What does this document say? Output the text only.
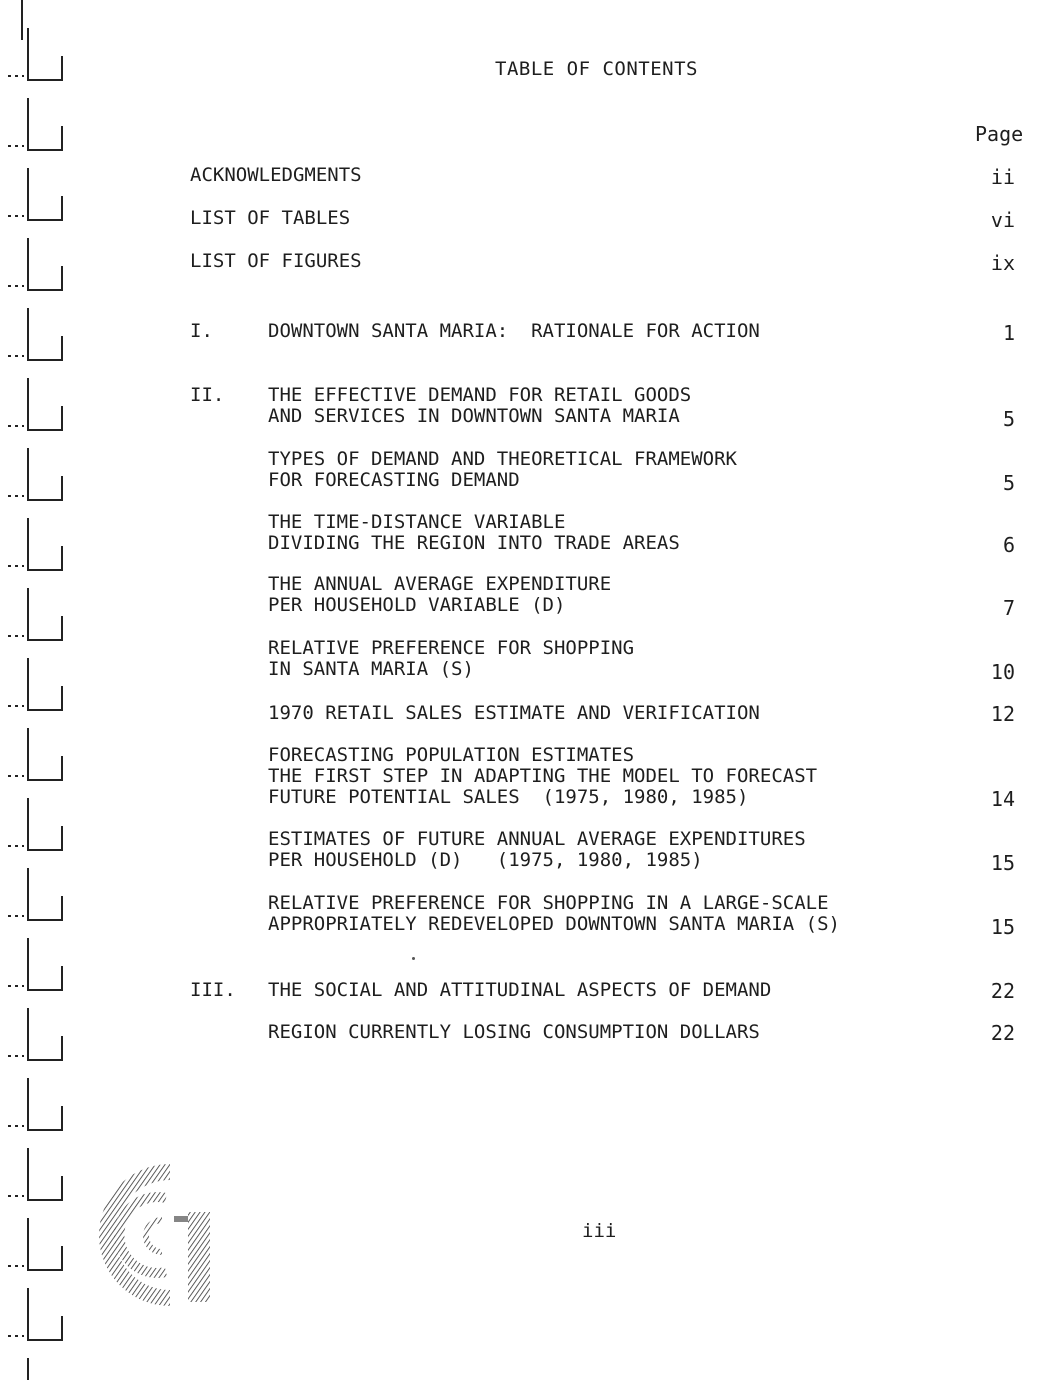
TABLE OF CONTENTS
Page
ACKNOWLEDGMENTS	ii
LIST OF TABLES	vi
LIST OF FIGURES	ix
I.	DOWNTOWN SANTA MARIA:  RATIONALE FOR ACTION	1
II. THE EFFECTIVE DEMAND FOR RETAIL GOODS
AND SERVICES IN DOWNTOWN SANTA MARIA	5
TYPES OF DEMAND AND THEORETICAL FRAMEWORK
FOR FORECASTING DEMAND	5
THE TIME-DISTANCE VARIABLE
DIVIDING THE REGION INTO TRADE AREAS	6
THE ANNUAL AVERAGE EXPENDITURE
PER HOUSEHOLD VARIABLE (D)	7
RELATIVE PREFERENCE FOR SHOPPING
IN SANTA MARIA (S)	10
1970 RETAIL SALES ESTIMATE AND VERIFICATION	12
FORECASTING POPULATION ESTIMATES
THE FIRST STEP IN ADAPTING THE MODEL TO FORECAST
FUTURE POTENTIAL SALES  (1975, 1980, 1985)	14
ESTIMATES OF FUTURE ANNUAL AVERAGE EXPENDITURES
PER HOUSEHOLD (D)   (1975, 1980, 1985)	15
RELATIVE PREFERENCE FOR SHOPPING IN A LARGE-SCALE
APPROPRIATELY REDEVELOPED DOWNTOWN SANTA MARIA (S)	15
III. THE SOCIAL AND ATTITUDINAL ASPECTS OF DEMAND	22
REGION CURRENTLY LOSING CONSUMPTION DOLLARS	22
iii
